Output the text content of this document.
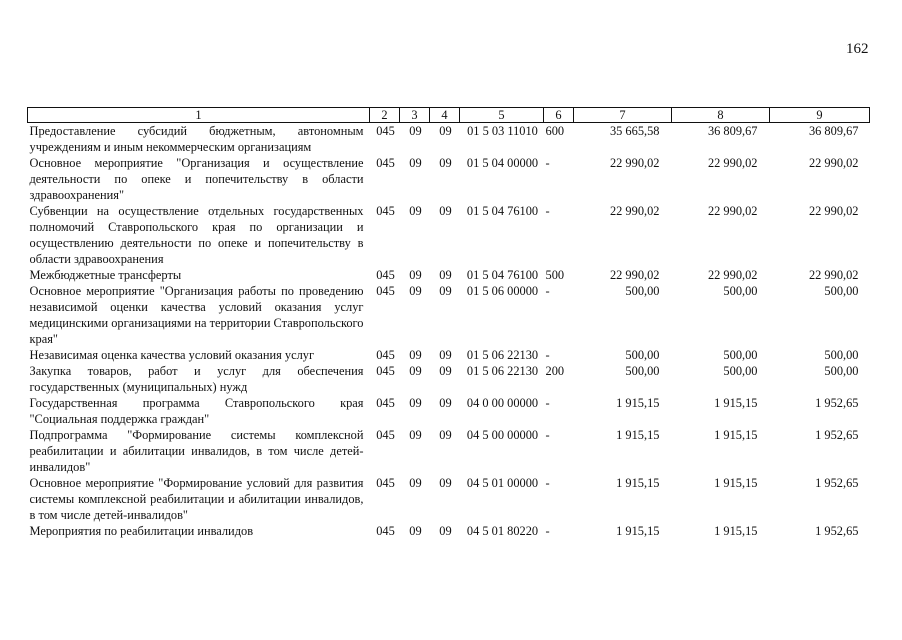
162
1	2	3	4	5	6	7	8	9
Предоставление субсидий бюджетным, автономным учреждениям и иным некоммерческим организациям	045	09	09	01 5 03 11010	600	35 665,58	36 809,67	36 809,67
Основное мероприятие "Организация и осуществление деятельности по опеке и попечительству в области здравоохранения"	045	09	09	01 5 04 00000	-	22 990,02	22 990,02	22 990,02
Субвенции на осуществление отдельных государственных полномочий Ставропольского края по организации и осуществлению деятельности по опеке и попечительству в области здравоохранения	045	09	09	01 5 04 76100	-	22 990,02	22 990,02	22 990,02
Межбюджетные трансферты	045	09	09	01 5 04 76100	500	22 990,02	22 990,02	22 990,02
Основное мероприятие "Организация работы по проведению независимой оценки качества условий оказания услуг медицинскими организациями на территории Ставропольского края"	045	09	09	01 5 06 00000	-	500,00	500,00	500,00
Независимая оценка качества условий оказания услуг	045	09	09	01 5 06 22130	-	500,00	500,00	500,00
Закупка товаров, работ и услуг для обеспечения государственных (муниципальных) нужд	045	09	09	01 5 06 22130	200	500,00	500,00	500,00
Государственная программа Ставропольского края "Социальная поддержка граждан"	045	09	09	04 0 00 00000	-	1 915,15	1 915,15	1 952,65
Подпрограмма "Формирование системы комплексной реабилитации и абилитации инвалидов, в том числе детей-инвалидов"	045	09	09	04 5 00 00000	-	1 915,15	1 915,15	1 952,65
Основное мероприятие "Формирование условий для развития системы комплексной реабилитации и абилитации инвалидов, в том числе детей-инвалидов"	045	09	09	04 5 01 00000	-	1 915,15	1 915,15	1 952,65
Мероприятия по реабилитации инвалидов	045	09	09	04 5 01 80220	-	1 915,15	1 915,15	1 952,65
